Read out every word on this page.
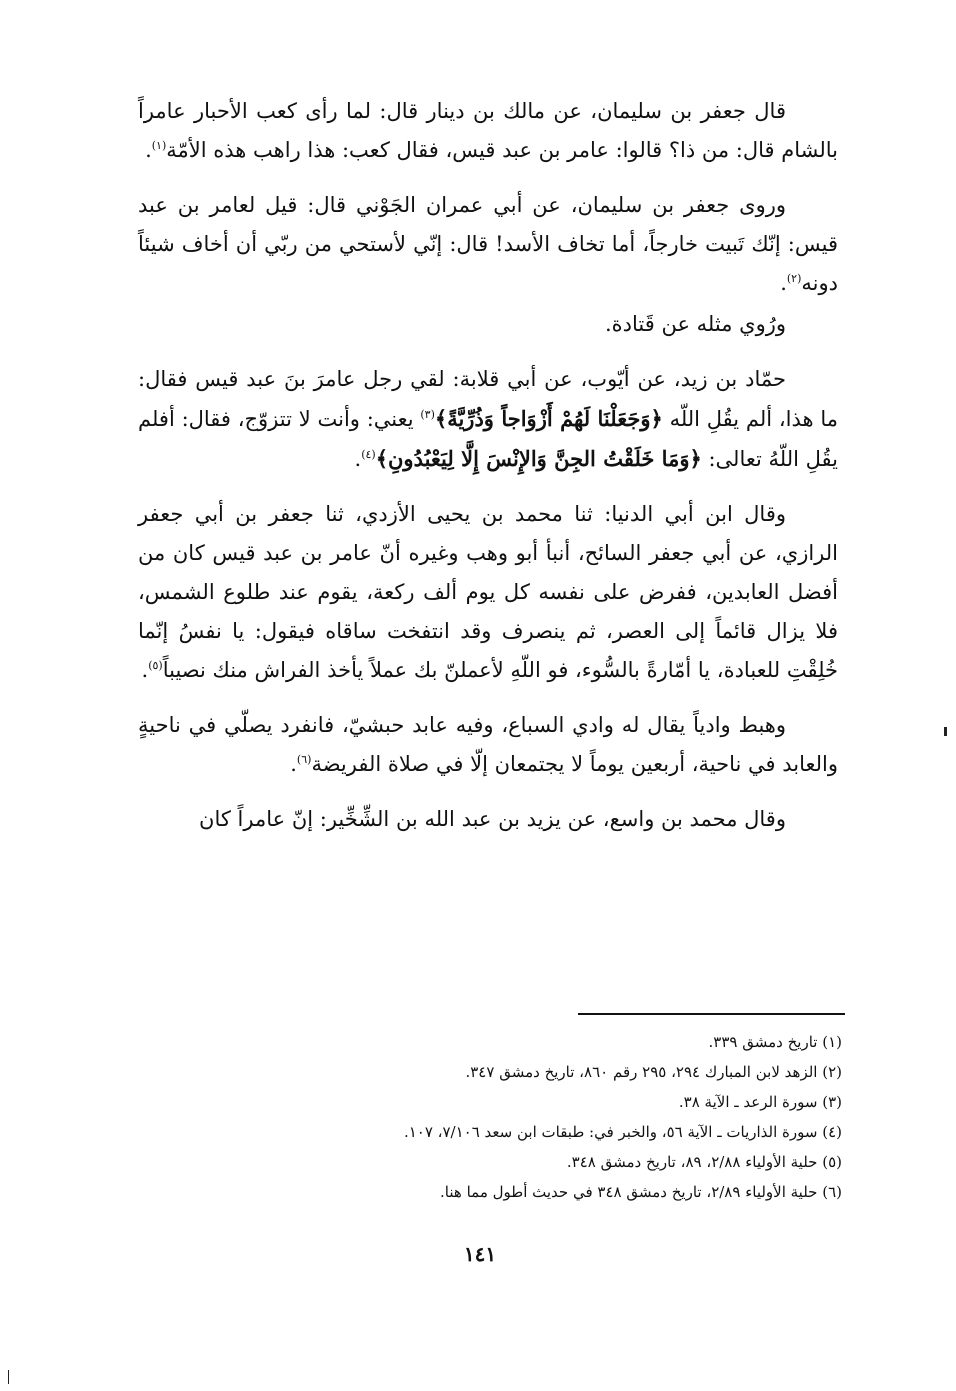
قال جعفر بن سليمان، عن مالك بن دينار قال: لما رأى كعب الأحبار عامراً بالشام قال: من ذا؟ قالوا: عامر بن عبد قيس، فقال كعب: هذا راهب هذه الأمّة$^{(١)}$.

وروى جعفر بن سليمان، عن أبي عمران الجَوْني قال: قيل لعامر بن عبد قيس: إنّك تَبيت خارجاً، أما تخاف الأسد! قال: إنّي لأستحي من ربّي أن أخاف شيئاً دونه$^{(٢)}$.

ورُوي مثله عن قَتادة.

حمّاد بن زيد، عن أيّوب، عن أبي قلابة: لقي رجل عامرَ بنَ عبد قيس فقال: ما هذا، ألم يقُلِ اللّه ﴿وَجَعَلْنَا لَهُمْ أَزْوَاجاً وَذُرِّيَّةً﴾$^{(٣)}$ يعني: وأنت لا تتزوّج، فقال: أفلم يقُلِ اللّهُ تعالى: ﴿وَمَا خَلَقْتُ الجِنَّ وَالإِنْسَ إِلَّا لِيَعْبُدُونِ﴾$^{(٤)}$.

وقال ابن أبي الدنيا: ثنا محمد بن يحيى الأزدي، ثنا جعفر بن أبي جعفر الرازي، عن أبي جعفر السائح، أنبأ أبو وهب وغيره أنّ عامر بن عبد قيس كان من أفضل العابدين، ففرض على نفسه كل يوم ألف ركعة، يقوم عند طلوع الشمس، فلا يزال قائماً إلى العصر، ثم ينصرف وقد انتفخت ساقاه فيقول: يا نفسُ إنّما خُلِقْتِ للعبادة، يا أمّارةً بالسُّوء، فو اللّهِ لأعملنّ بك عملاً يأخذ الفراش منك نصيباً$^{(٥)}$.

وهبط وادياً يقال له وادي السباع، وفيه عابد حبشيّ، فانفرد يصلّي في ناحيةٍ والعابد في ناحية، أربعين يوماً لا يجتمعان إلّا في صلاة الفريضة$^{(٦)}$.

وقال محمد بن واسع، عن يزيد بن عبد الله بن الشِّخِّير: إنّ عامراً كان

(١) تاريخ دمشق ٣٣٩.
(٢) الزهد لابن المبارك ٢٩٤، ٢٩٥ رقم ٨٦٠، تاريخ دمشق ٣٤٧.
(٣) سورة الرعد ـ الآية ٣٨.
(٤) سورة الذاريات ـ الآية ٥٦، والخبر في: طبقات ابن سعد ٧/١٠٦، ١٠٧.
(٥) حلية الأولياء ٢/٨٨، ٨٩، تاريخ دمشق ٣٤٨.
(٦) حلية الأولياء ٢/٨٩، تاريخ دمشق ٣٤٨ في حديث أطول مما هنا.
١٤١
